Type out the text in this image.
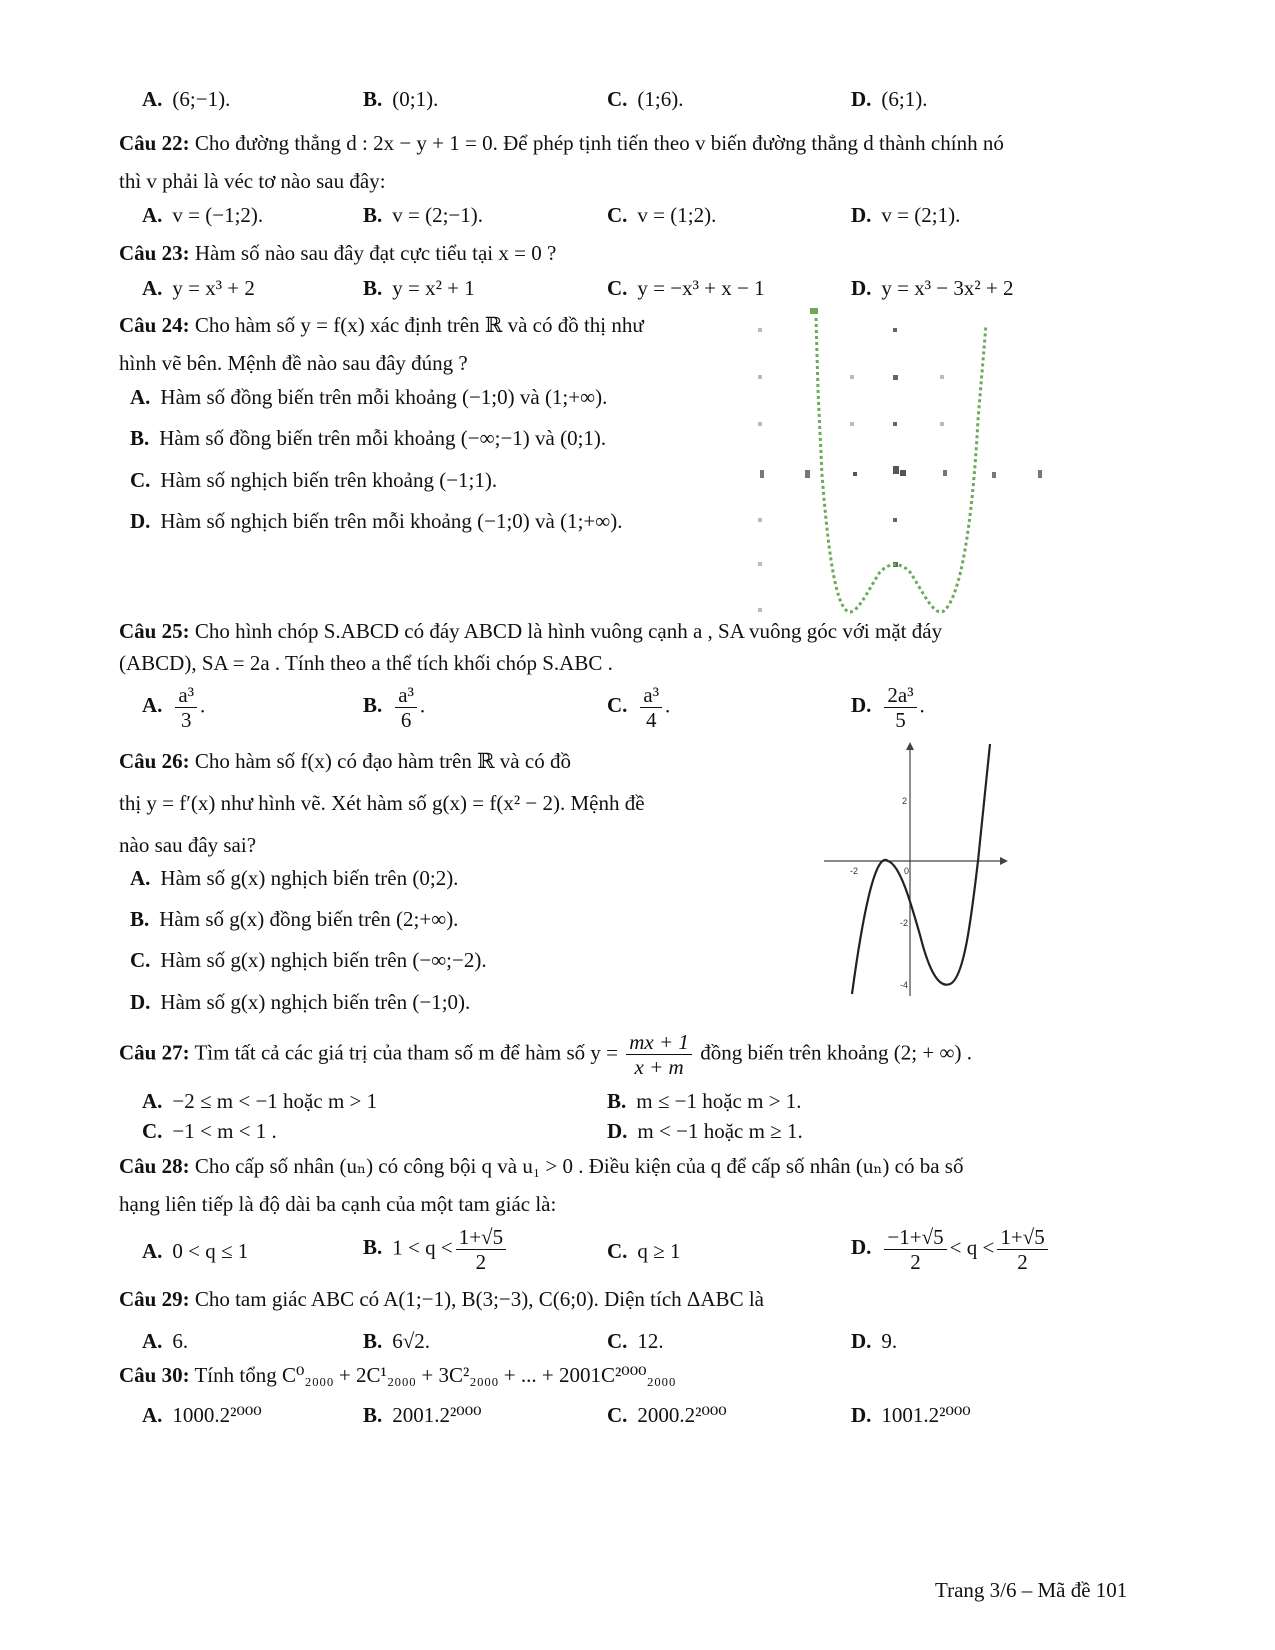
A. (6;−1).	B. (0;1).	C. (1;6).	D. (6;1).
Câu 22: Cho đường thẳng d : 2x − y + 1 = 0. Để phép tịnh tiến theo v biến đường thẳng d thành chính nó
thì v phải là véc tơ nào sau đây:
A. v = (−1;2).	B. v = (2;−1).	C. v = (1;2).	D. v = (2;1).
Câu 23: Hàm số nào sau đây đạt cực tiểu tại x = 0 ?
A. y = x³ + 2	B. y = x² + 1	C. y = −x³ + x − 1	D. y = x³ − 3x² + 2
Câu 24: Cho hàm số y = f(x) xác định trên ℝ và có đồ thị như
hình vẽ bên. Mệnh đề nào sau đây đúng ?
A. Hàm số đồng biến trên mỗi khoảng (−1;0) và (1;+∞).
B. Hàm số đồng biến trên mỗi khoảng (−∞;−1) và (0;1).
C. Hàm số nghịch biến trên khoảng (−1;1).
D. Hàm số nghịch biến trên mỗi khoảng (−1;0) và (1;+∞).
Câu 25: Cho hình chóp S.ABCD có đáy ABCD là hình vuông cạnh a , SA vuông góc với mặt đáy
(ABCD), SA = 2a . Tính theo a thể tích khối chóp S.ABC .
A. $\frac{\text{a³}}{3}$ .	B. $\frac{\text{a³}}{6}$ .	C. $\frac{\text{a³}}{4}$ .	D. $\frac{\text{2a³}}{5}$ .
Câu 26: Cho hàm số f(x) có đạo hàm trên ℝ và có đồ
thị y = f′(x) như hình vẽ. Xét hàm số g(x) = f(x² − 2). Mệnh đề
nào sau đây sai?
A. Hàm số g(x) nghịch biến trên (0;2).
B. Hàm số g(x) đồng biến trên (2;+∞).
C. Hàm số g(x) nghịch biến trên (−∞;−2).
D. Hàm số g(x) nghịch biến trên (−1;0).
-2	0
2
-2
-4
Câu 27: Tìm tất cả các giá trị của tham số m để hàm số $y = \frac{mx + 1}{x + m}$ đồng biến trên khoảng (2; + ∞) .
A. −2 ≤ m < −1 hoặc m > 1	B. m ≤ −1 hoặc m > 1.
C. −1 < m < 1 .	D. m < −1 hoặc m ≥ 1.
Câu 28: Cho cấp số nhân (uₙ) có công bội q và u₁ > 0 . Điều kiện của q để cấp số nhân (uₙ) có ba số
hạng liên tiếp là độ dài ba cạnh của một tam giác là:
A. 0 < q ≤ 1	B. $1 < q < \frac{1+√5}{2}$	C. q ≥ 1	D. $\frac{-1+√5}{2} < q < \frac{1+√5}{2}$
Câu 29: Cho tam giác ABC có A(1;−1), B(3;−3), C(6;0). Diện tích ΔABC là
A. 6.	B. 6√2.	C. 12.	D. 9.
Câu 30: Tính tổng C⁰₂₀₀₀ + 2C¹₂₀₀₀ + 3C²₂₀₀₀ + ... + 2001C²⁰⁰⁰₂₀₀₀
A. 1000.2²⁰⁰⁰	B. 2001.2²⁰⁰⁰	C. 2000.2²⁰⁰⁰	D. 1001.2²⁰⁰⁰
Trang 3/6 – Mã đề 101
